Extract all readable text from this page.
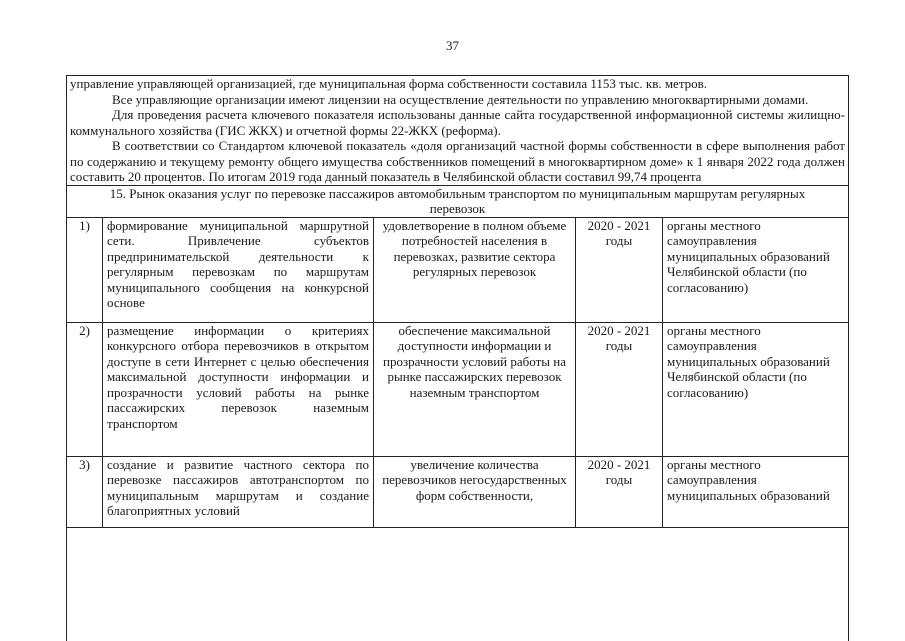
37

управление управляющей организацией, где муниципальная форма собственности составила 1153 тыс. кв. метров.

Все управляющие организации имеют лицензии на осуществление деятельности по управлению многоквартирными домами.

Для проведения расчета ключевого показателя использованы данные сайта государственной информационной системы жилищно-коммунального хозяйства (ГИС ЖКХ) и отчетной формы 22-ЖКХ (реформа).

В соответствии со Стандартом ключевой показатель «доля организаций частной формы собственности в сфере выполнения работ по содержанию и текущему ремонту общего имущества собственников помещений в многоквартирном доме» к 1 января 2022 года должен составить 20 процентов. По итогам 2019 года данный показатель в Челябинской области составил 99,74 процента

15. Рынок оказания услуг по перевозке пассажиров автомобильным транспортом по муниципальным маршрутам регулярных перевозок
1)	формирование муниципальной маршрутной сети. Привлечение субъектов предпринимательской деятельности к регулярным перевозкам по маршрутам муниципального сообщения на конкурсной основе	удовлетворение в полном объеме потребностей населения в перевозках, развитие сектора регулярных перевозок	2020 - 2021 годы	органы местного самоуправления муниципальных образований Челябинской области (по согласованию)
2)	размещение информации о критериях конкурсного отбора перевозчиков в открытом доступе в сети Интернет с целью обеспечения максимальной доступности информации и прозрачности условий работы на рынке пассажирских перевозок наземным транспортом	обеспечение максимальной доступности информации и прозрачности условий работы на рынке пассажирских перевозок наземным транспортом	2020 - 2021 годы	органы местного самоуправления муниципальных образований Челябинской области (по согласованию)
3)	создание и развитие частного сектора по перевозке пассажиров автотранспортом по муниципальным маршрутам и создание благоприятных условий	увеличение количества перевозчиков негосударственных форм собственности,	2020 - 2021 годы	органы местного самоуправления муниципальных образований
